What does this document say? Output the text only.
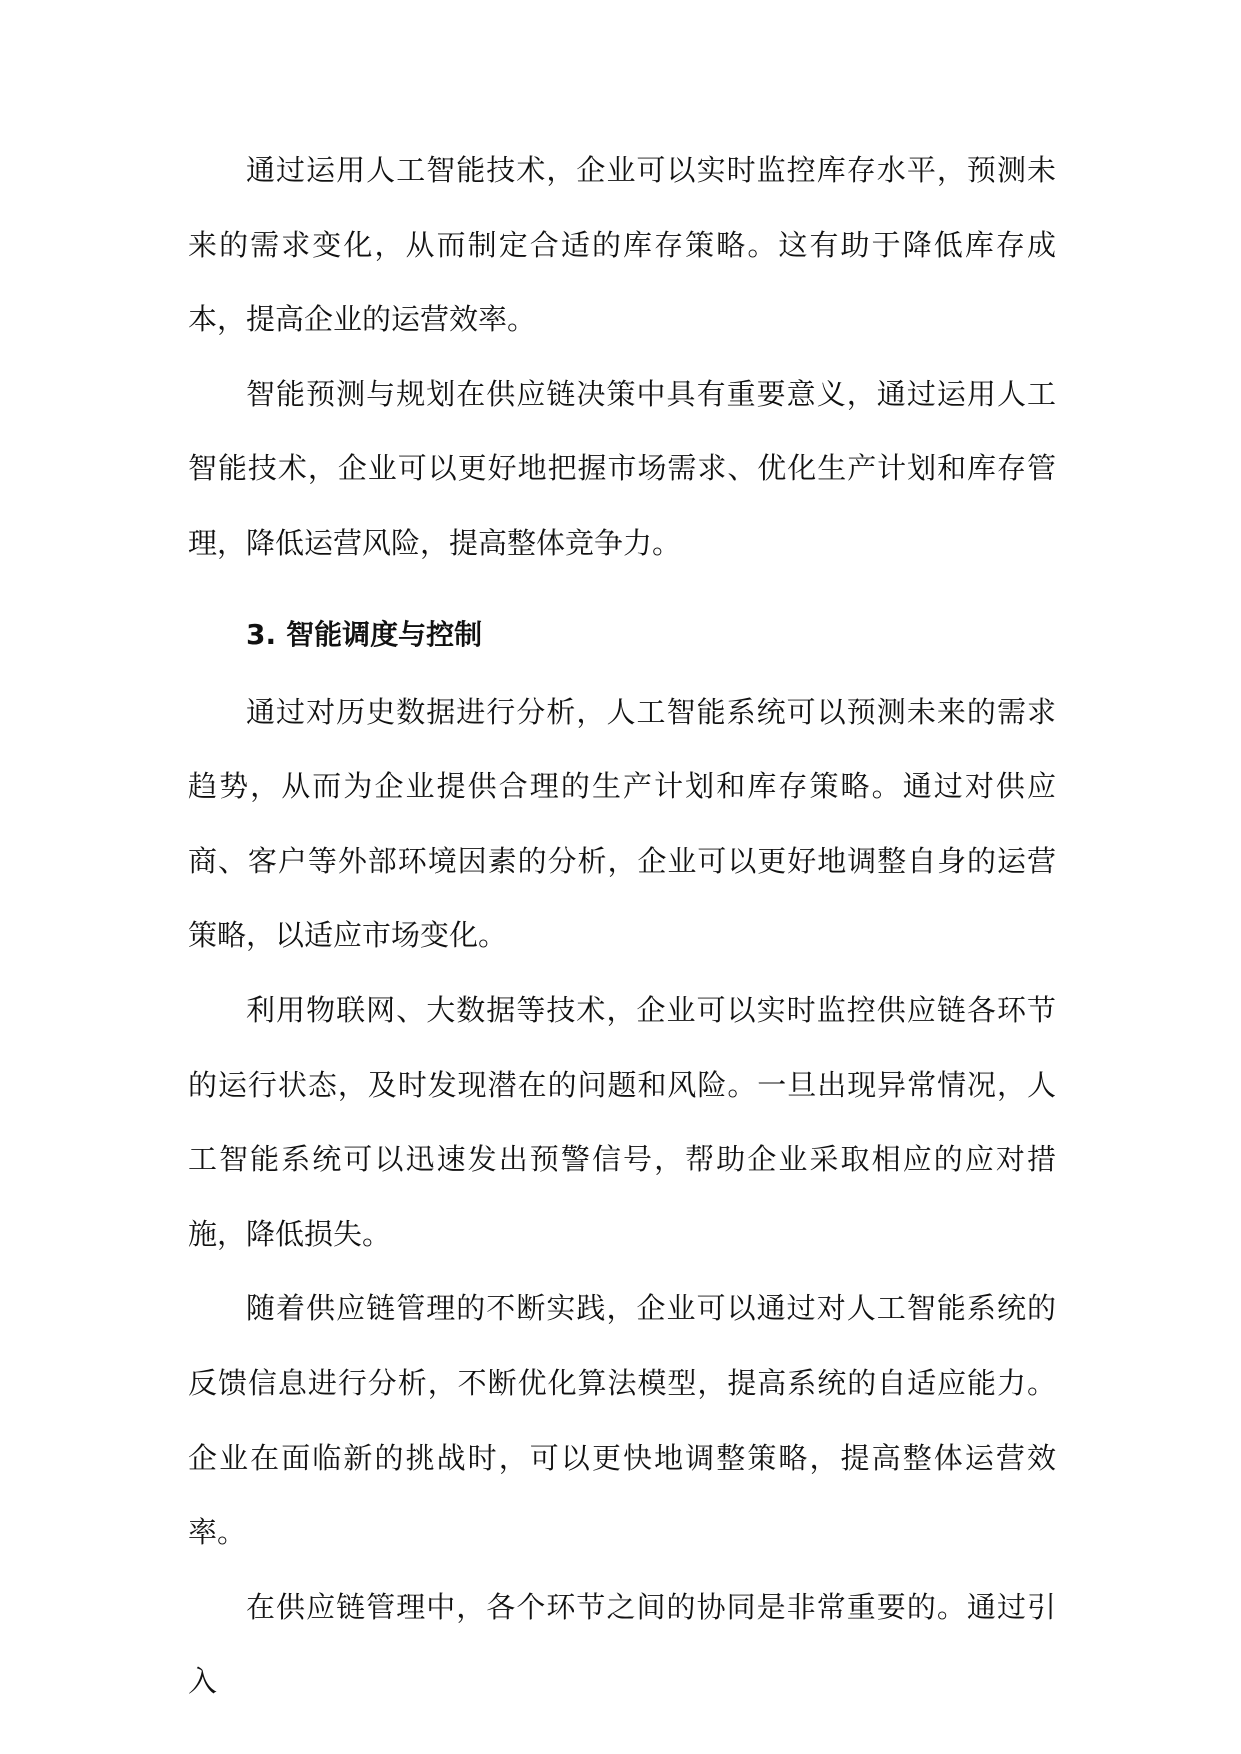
通过运用人工智能技术，企业可以实时监控库存水平，预测未来的需求变化，从而制定合适的库存策略。这有助于降低库存成本，提高企业的运营效率。

智能预测与规划在供应链决策中具有重要意义，通过运用人工智能技术，企业可以更好地把握市场需求、优化生产计划和库存管理，降低运营风险，提高整体竞争力。

3. 智能调度与控制

通过对历史数据进行分析，人工智能系统可以预测未来的需求趋势，从而为企业提供合理的生产计划和库存策略。通过对供应商、客户等外部环境因素的分析，企业可以更好地调整自身的运营策略，以适应市场变化。

利用物联网、大数据等技术，企业可以实时监控供应链各环节的运行状态，及时发现潜在的问题和风险。一旦出现异常情况，人工智能系统可以迅速发出预警信号，帮助企业采取相应的应对措施，降低损失。

随着供应链管理的不断实践，企业可以通过对人工智能系统的反馈信息进行分析，不断优化算法模型，提高系统的自适应能力。企业在面临新的挑战时，可以更快地调整策略，提高整体运营效率。

在供应链管理中，各个环节之间的协同是非常重要的。通过引入
